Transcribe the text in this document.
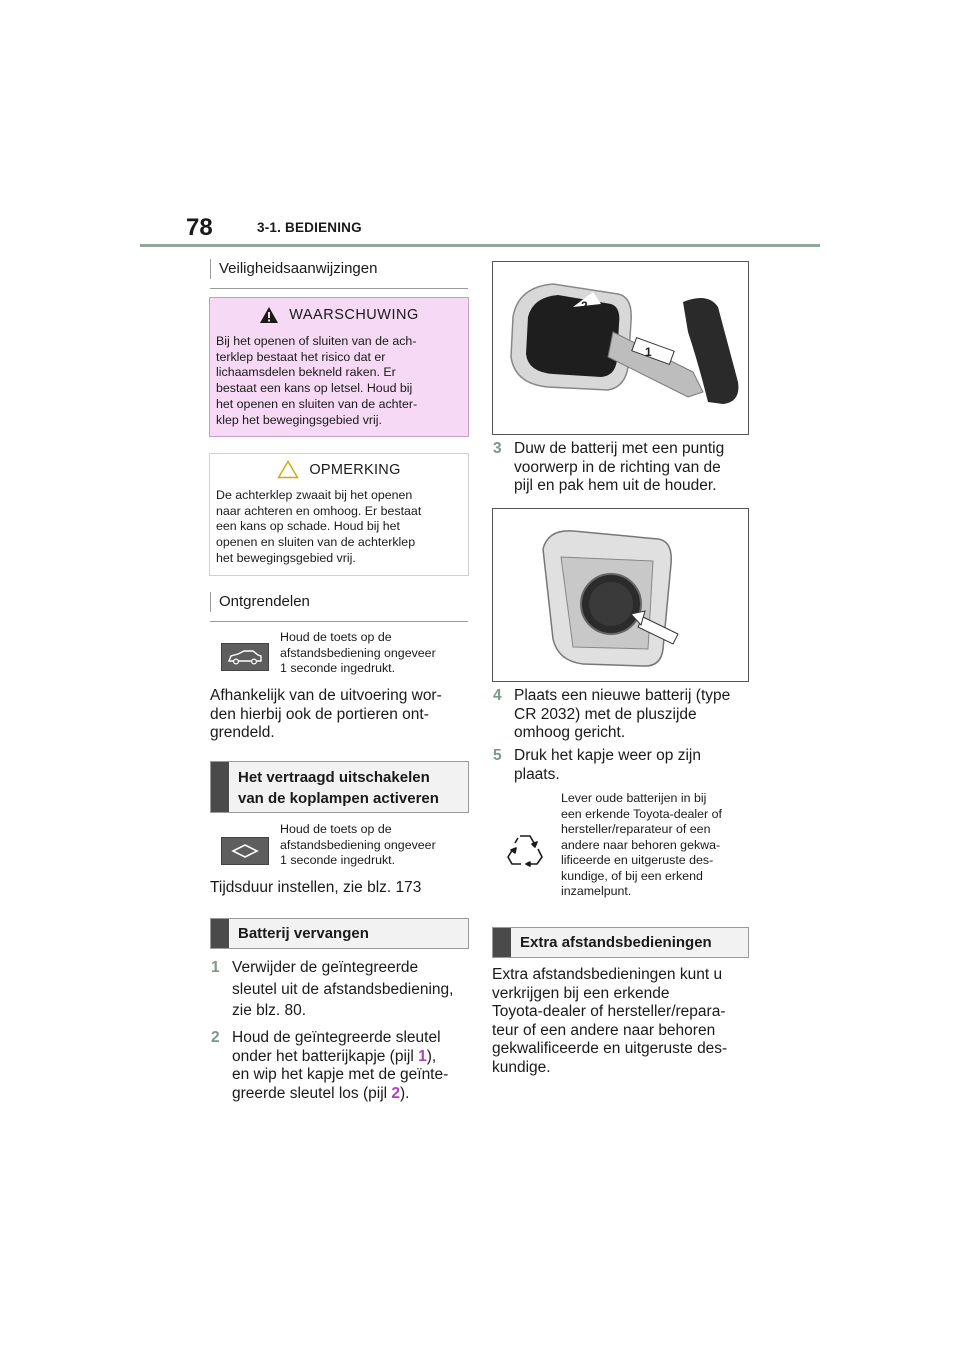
78	3-1. BEDIENING
Veiligheidsaanwijzingen
WAARSCHUWING
Bij het openen of sluiten van de ach-
terklep bestaat het risico dat er
lichaamsdelen bekneld raken. Er
bestaat een kans op letsel. Houd bij
het openen en sluiten van de achter-
klep het bewegingsgebied vrij.
OPMERKING
De achterklep zwaait bij het openen
naar achteren en omhoog. Er bestaat
een kans op schade. Houd bij het
openen en sluiten van de achterklep
het bewegingsgebied vrij.
Ontgrendelen
Houd de toets op de
afstandsbediening ongeveer
1 seconde ingedrukt.
Afhankelijk van de uitvoering wor-
den hierbij ook de portieren ont-
grendeld.
Het vertraagd uitschakelen
van de koplampen activeren
Houd de toets op de
afstandsbediening ongeveer
1 seconde ingedrukt.
Tijdsduur instellen, zie blz. 173
Batterij vervangen
1 Verwijder de geïntegreerde
sleutel uit de afstandsbediening,
zie blz. 80.
2 Houd de geïntegreerde sleutel
onder het batterijkapje (pijl 1),
en wip het kapje met de geïnte-
greerde sleutel los (pijl 2).
2
1
3 Duw de batterij met een puntig
voorwerp in de richting van de
pijl en pak hem uit de houder.
4 Plaats een nieuwe batterij (type
CR 2032) met de pluszijde
omhoog gericht.
5 Druk het kapje weer op zijn
plaats.
Lever oude batterijen in bij
een erkende Toyota-dealer of
hersteller/reparateur of een
andere naar behoren gekwa-
lificeerde en uitgeruste des-
kundige, of bij een erkend
inzamelpunt.
Extra afstandsbedieningen
Extra afstandsbedieningen kunt u
verkrijgen bij een erkende
Toyota-dealer of hersteller/repara-
teur of een andere naar behoren
gekwalificeerde en uitgeruste des-
kundige.
